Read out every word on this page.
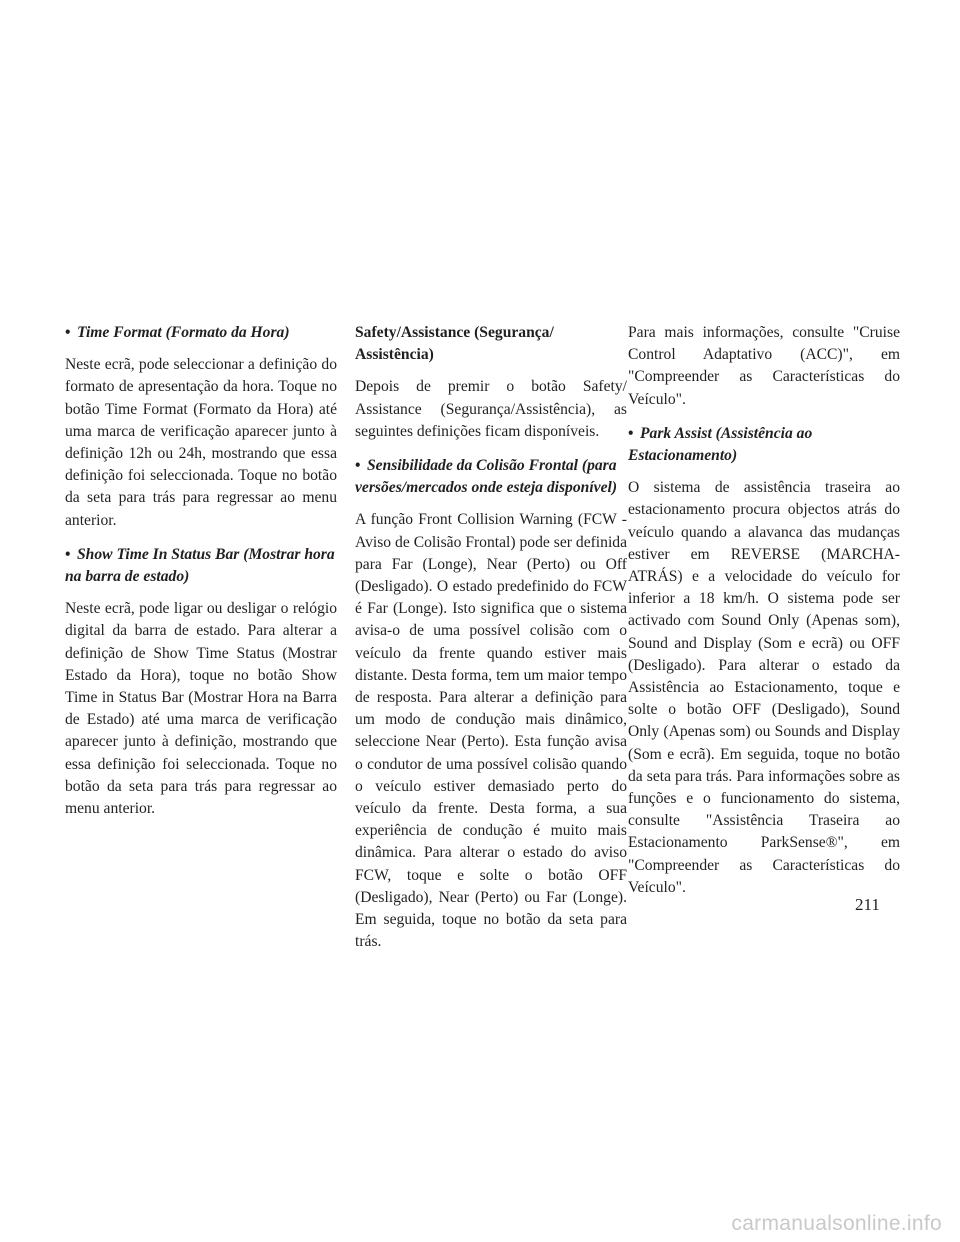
• Time Format (Formato da Hora)

Neste ecrã, pode seleccionar a definição do formato de apresentação da hora. Toque no botão Time Format (Formato da Hora) até uma marca de verificação aparecer junto à definição 12h ou 24h, mostrando que essa definição foi seleccionada. Toque no botão da seta para trás para regressar ao menu anterior.

• Show Time In Status Bar (Mostrar hora na barra de estado)

Neste ecrã, pode ligar ou desligar o relógio digital da barra de estado. Para alterar a definição de Show Time Status (Mostrar Estado da Hora), toque no botão Show Time in Status Bar (Mostrar Hora na Barra de Estado) até uma marca de verificação aparecer junto à definição, mostrando que essa definição foi seleccionada. Toque no botão da seta para trás para regressar ao menu anterior.

Safety/Assistance (Segurança/ Assistência)

Depois de premir o botão Safety/ Assistance (Segurança/Assistência), as seguintes definições ficam disponíveis.

• Sensibilidade da Colisão Frontal (para versões/mercados onde esteja disponível)

A função Front Collision Warning (FCW - Aviso de Colisão Frontal) pode ser definida para Far (Longe), Near (Perto) ou Off (Desligado). O estado predefinido do FCW é Far (Longe). Isto significa que o sistema avisa-o de uma possível colisão com o veículo da frente quando estiver mais distante. Desta forma, tem um maior tempo de resposta. Para alterar a definição para um modo de condução mais dinâmico, seleccione Near (Perto). Esta função avisa o condutor de uma possível colisão quando o veículo estiver demasiado perto do veículo da frente. Desta forma, a sua experiência de condução é muito mais dinâmica. Para alterar o estado do aviso FCW, toque e solte o botão OFF (Desligado), Near (Perto) ou Far (Longe). Em seguida, toque no botão da seta para trás.

Para mais informações, consulte "Cruise Control Adaptativo (ACC)", em "Compreender as Características do Veículo".

• Park Assist (Assistência ao Estacionamento)

O sistema de assistência traseira ao estacionamento procura objectos atrás do veículo quando a alavanca das mudanças estiver em REVERSE (MARCHA-ATRÁS) e a velocidade do veículo for inferior a 18 km/h. O sistema pode ser activado com Sound Only (Apenas som), Sound and Display (Som e ecrã) ou OFF (Desligado). Para alterar o estado da Assistência ao Estacionamento, toque e solte o botão OFF (Desligado), Sound Only (Apenas som) ou Sounds and Display (Som e ecrã). Em seguida, toque no botão da seta para trás. Para informações sobre as funções e o funcionamento do sistema, consulte "Assistência Traseira ao Estacionamento ParkSense®", em "Compreender as Características do Veículo".

211
carmanualsonline.info
